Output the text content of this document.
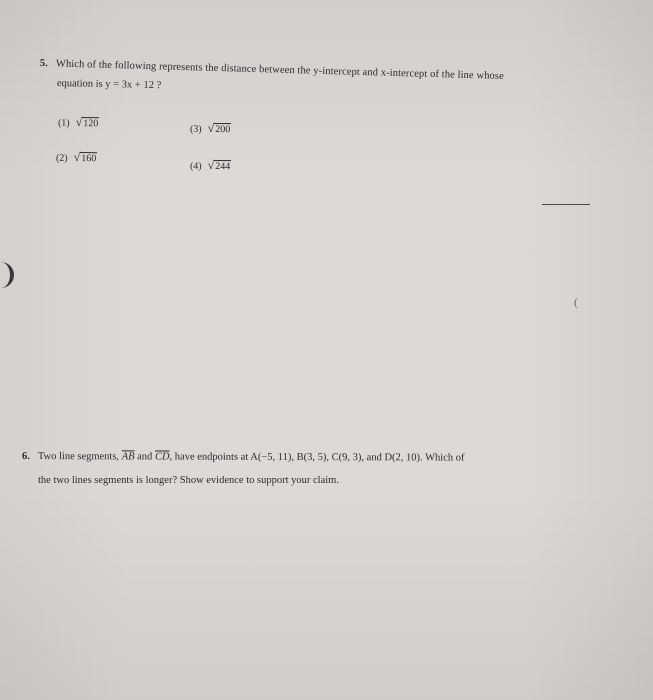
5. Which of the following represents the distance between the y-intercept and x-intercept of the line whose
equation is y = 3x + 12 ?
(1) √ 120
(2) √ 160
(3) √ 200
(4) √ 244
(
6. Two line segments, $\overline{AB}$ and $\overline{CD}$, have endpoints at A(−5, 11), B(3, 5), C(9, 3), and D(2, 10). Which of
the two lines segments is longer? Show evidence to support your claim.
